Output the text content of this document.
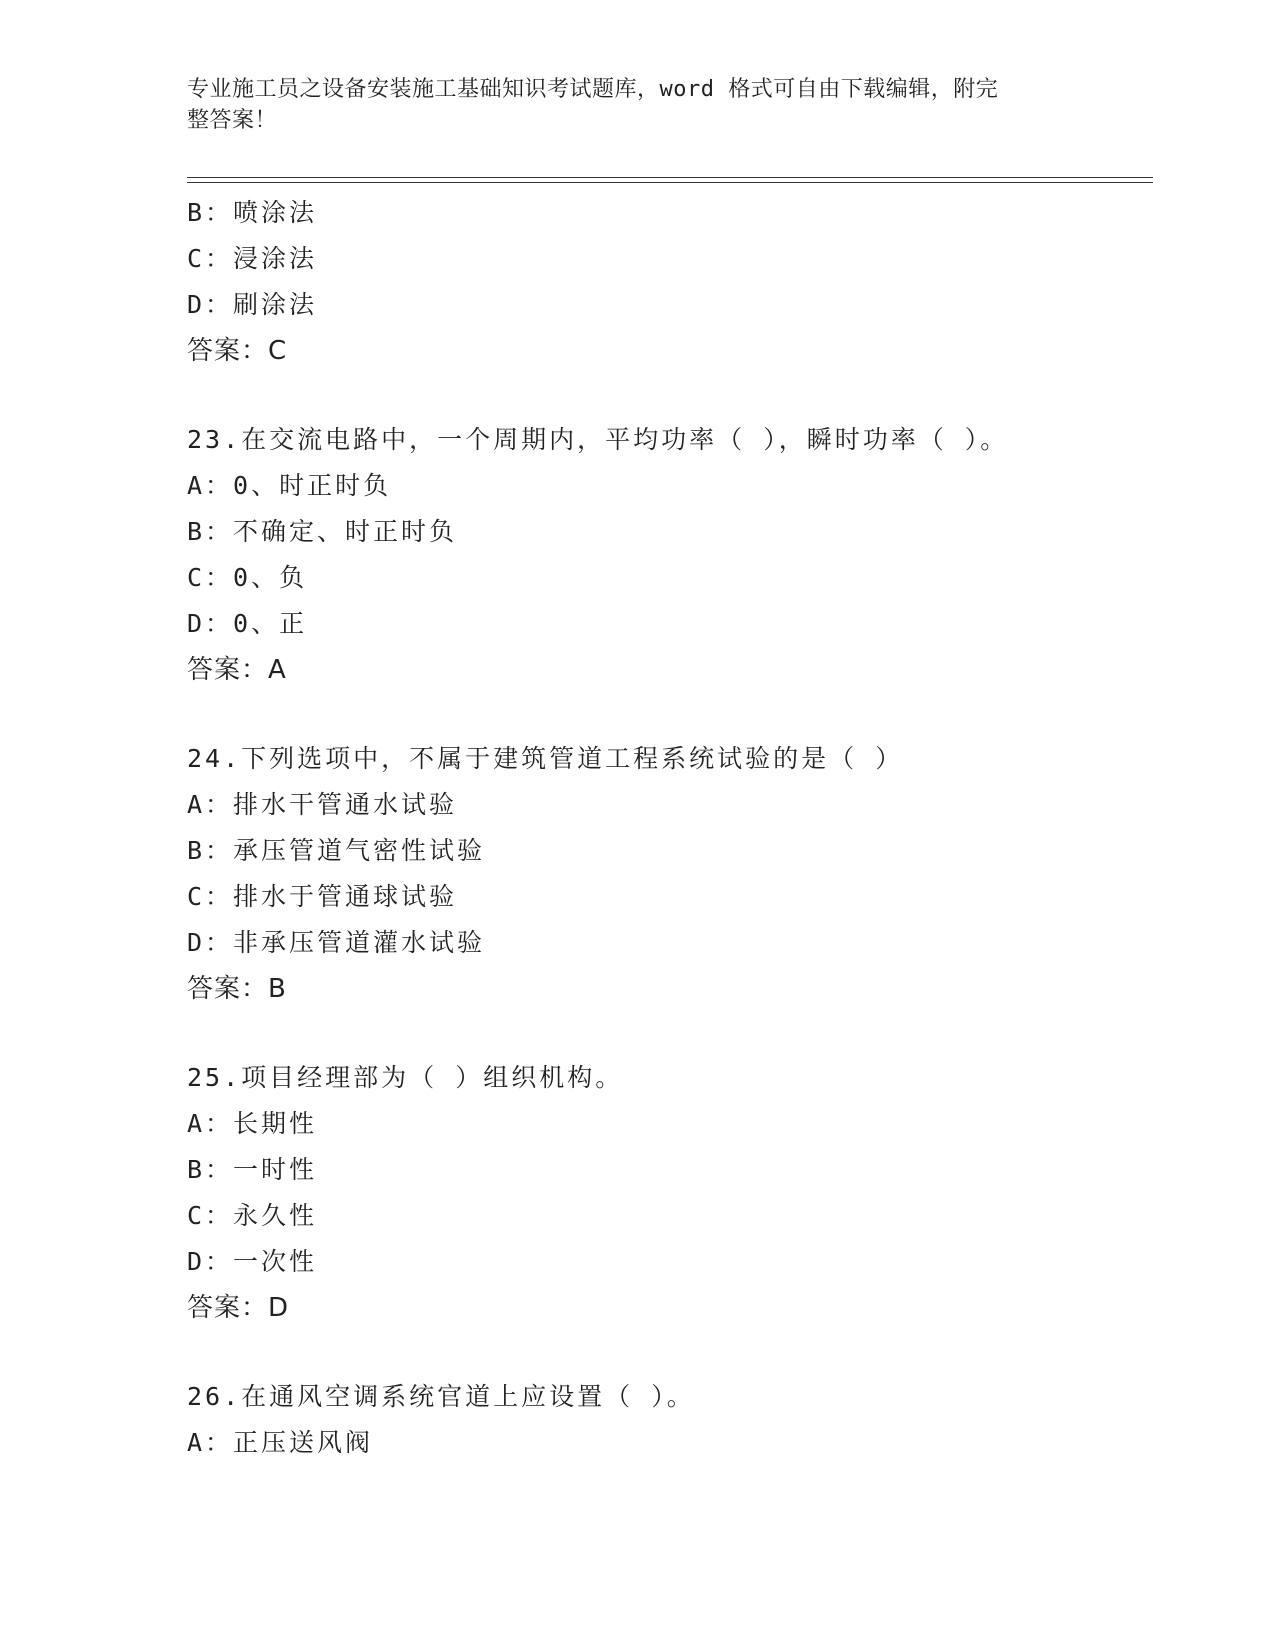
专业施工员之设备安装施工基础知识考试题库，word 格式可自由下载编辑，附完
整答案！
B：喷涂法
C：浸涂法
D：刷涂法
答案：C
23.在交流电路中，一个周期内，平均功率（ ），瞬时功率（ ）。
A：0、时正时负
B：不确定、时正时负
C：0、负
D：0、正
答案：A
24.下列选项中，不属于建筑管道工程系统试验的是（ ）
A：排水干管通水试验
B：承压管道气密性试验
C：排水于管通球试验
D：非承压管道灌水试验
答案：B
25.项目经理部为（ ）组织机构。
A：长期性
B：一时性
C：永久性
D：一次性
答案：D
26.在通风空调系统官道上应设置（ ）。
A：正压送风阀
